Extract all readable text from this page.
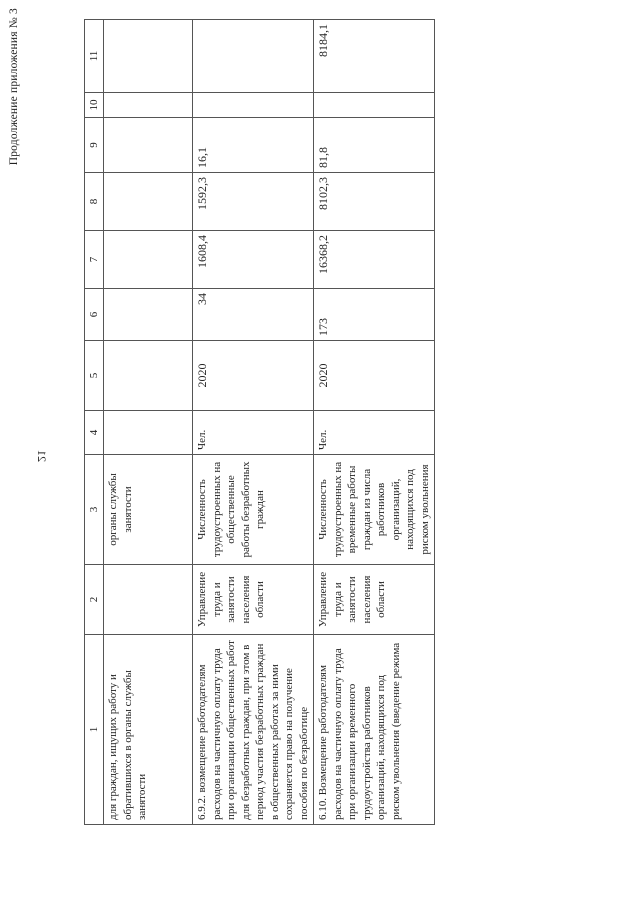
Продолжение приложения № 3
21
1	2	3	4	5	6	7	8	9	10	11
для граждан, ищущих работу и обратившихся в органы службы занятости		органы службы занятости								
6.9.2. возмещение работодателям расходов на частичную оплату труда при организации общественных работ для безработных граждан, при этом в период участия безработных граждан в общественных работах за ними сохраняется право на получение пособия по безработице	Управление труда и занятости населения области	Численность трудоустроенных на общественные работы безработных граждан	Чел.	2020	34	1608,4	1592,3	16,1		
6.10. Возмещение работодателям расходов на частичную оплату труда при организации временного трудоустройства работников организаций, находящихся под риском увольнения (введение режима	Управление труда и занятости населения области	Численность трудоустроенных на временные работы граждан из числа работников организаций, находящихся под риском увольнения	Чел.	2020	173	16368,2	8102,3	81,8		8184,1
